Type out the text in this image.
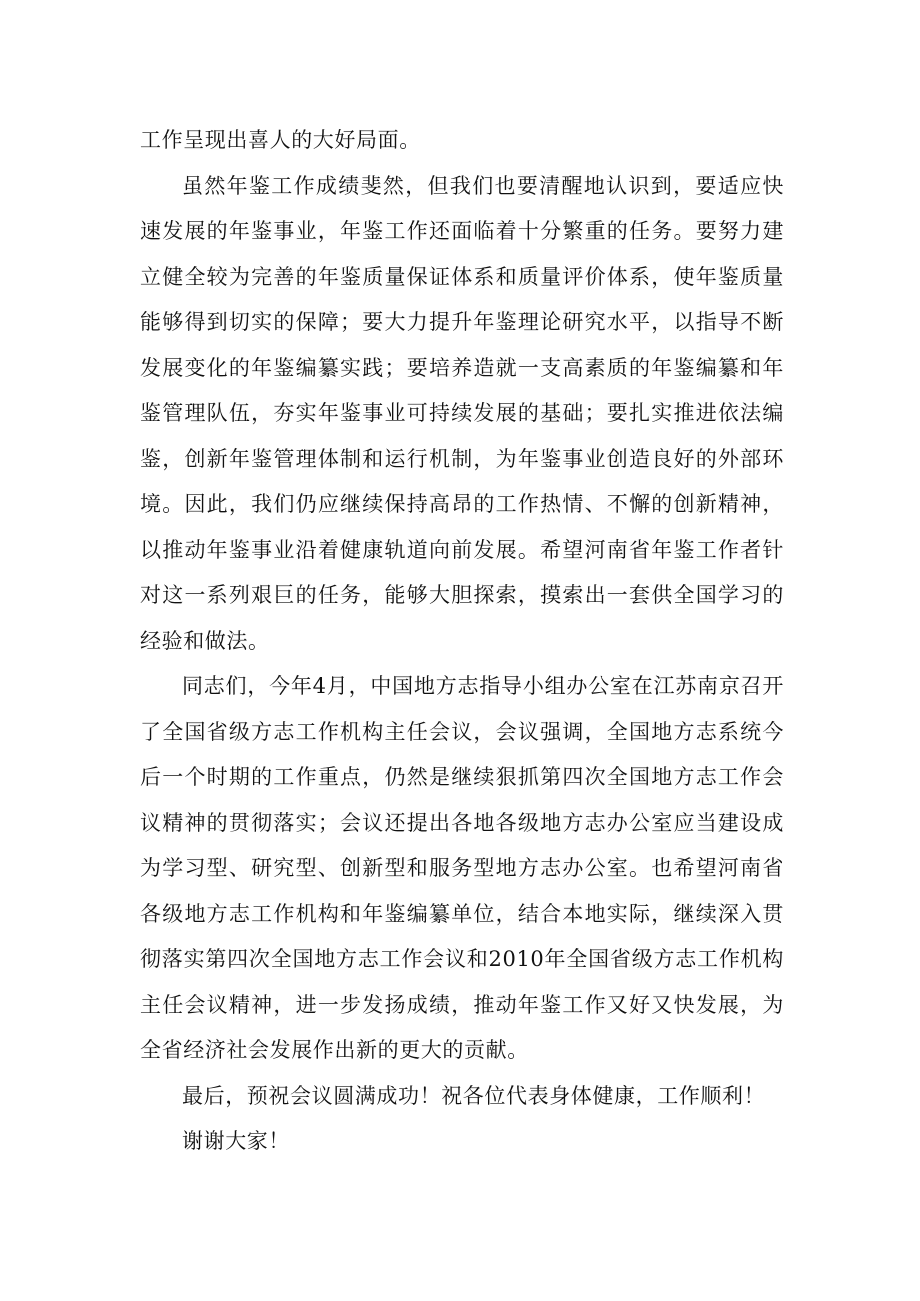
工作呈现出喜人的大好局面。

虽然年鉴工作成绩斐然，但我们也要清醒地认识到，要适应快速发展的年鉴事业，年鉴工作还面临着十分繁重的任务。要努力建立健全较为完善的年鉴质量保证体系和质量评价体系，使年鉴质量能够得到切实的保障；要大力提升年鉴理论研究水平，以指导不断发展变化的年鉴编纂实践；要培养造就一支高素质的年鉴编纂和年鉴管理队伍，夯实年鉴事业可持续发展的基础；要扎实推进依法编鉴，创新年鉴管理体制和运行机制，为年鉴事业创造良好的外部环境。因此，我们仍应继续保持高昂的工作热情、不懈的创新精神，以推动年鉴事业沿着健康轨道向前发展。希望河南省年鉴工作者针对这一系列艰巨的任务，能够大胆探索，摸索出一套供全国学习的经验和做法。

同志们，今年4月，中国地方志指导小组办公室在江苏南京召开了全国省级方志工作机构主任会议，会议强调，全国地方志系统今后一个时期的工作重点，仍然是继续狠抓第四次全国地方志工作会议精神的贯彻落实；会议还提出各地各级地方志办公室应当建设成为学习型、研究型、创新型和服务型地方志办公室。也希望河南省各级地方志工作机构和年鉴编纂单位，结合本地实际，继续深入贯彻落实第四次全国地方志工作会议和2010年全国省级方志工作机构主任会议精神，进一步发扬成绩，推动年鉴工作又好又快发展，为全省经济社会发展作出新的更大的贡献。

最后，预祝会议圆满成功！祝各位代表身体健康，工作顺利！

谢谢大家！
